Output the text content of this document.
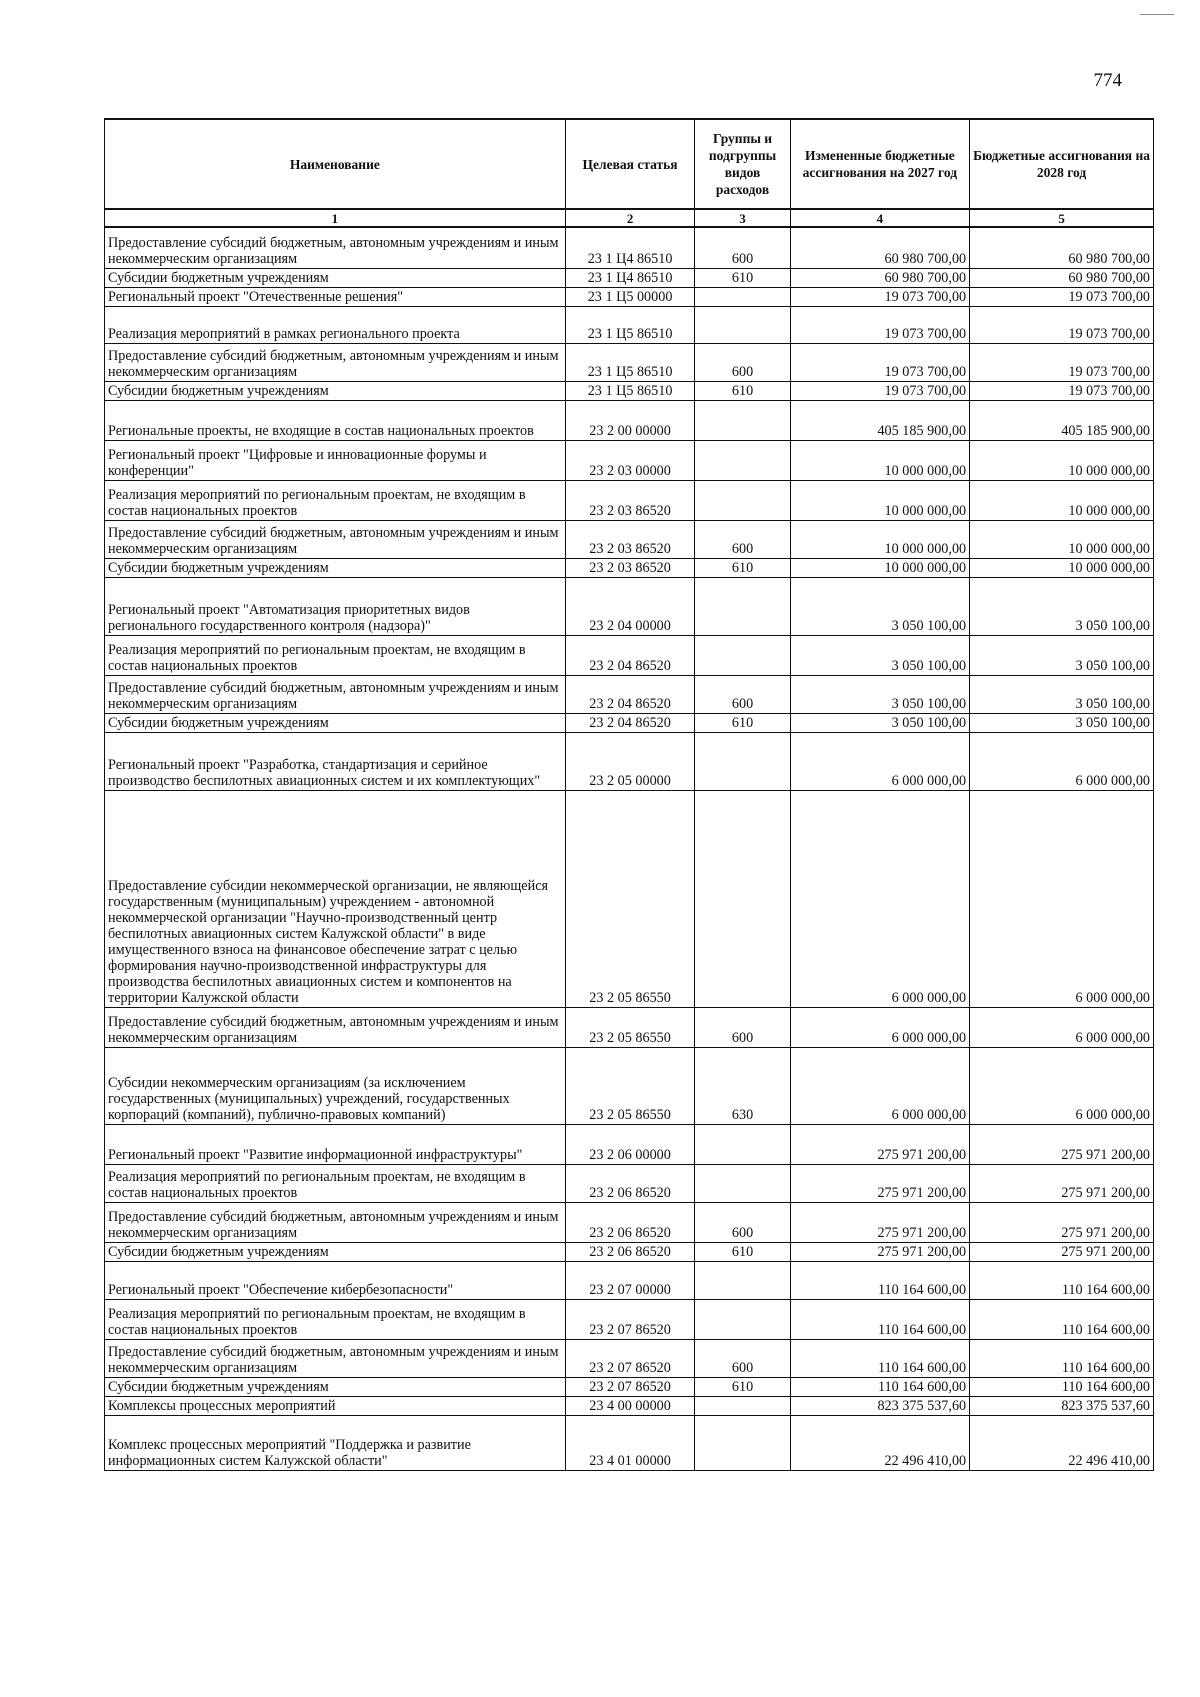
774
Наименование	Целевая статья	Группы и подгруппы видов расходов	Измененные бюджетные ассигнования на 2027 год	Бюджетные ассигнования на 2028 год
1	2	3	4	5
Предоставление субсидий бюджетным, автономным учреждениям и иным некоммерческим организациям	23 1 Ц4 86510	600	60 980 700,00	60 980 700,00
Субсидии бюджетным учреждениям	23 1 Ц4 86510	610	60 980 700,00	60 980 700,00
Региональный проект "Отечественные решения"	23 1 Ц5 00000		19 073 700,00	19 073 700,00
Реализация мероприятий в рамках регионального проекта	23 1 Ц5 86510		19 073 700,00	19 073 700,00
Предоставление субсидий бюджетным, автономным учреждениям и иным некоммерческим организациям	23 1 Ц5 86510	600	19 073 700,00	19 073 700,00
Субсидии бюджетным учреждениям	23 1 Ц5 86510	610	19 073 700,00	19 073 700,00
Региональные проекты, не входящие в состав национальных проектов	23 2 00 00000		405 185 900,00	405 185 900,00
Региональный проект "Цифровые и инновационные форумы и конференции"	23 2 03 00000		10 000 000,00	10 000 000,00
Реализация мероприятий по региональным проектам, не входящим в состав национальных проектов	23 2 03 86520		10 000 000,00	10 000 000,00
Предоставление субсидий бюджетным, автономным учреждениям и иным некоммерческим организациям	23 2 03 86520	600	10 000 000,00	10 000 000,00
Субсидии бюджетным учреждениям	23 2 03 86520	610	10 000 000,00	10 000 000,00
Региональный проект "Автоматизация приоритетных видов регионального государственного контроля (надзора)"	23 2 04 00000		3 050 100,00	3 050 100,00
Реализация мероприятий по региональным проектам, не входящим в состав национальных проектов	23 2 04 86520		3 050 100,00	3 050 100,00
Предоставление субсидий бюджетным, автономным учреждениям и иным некоммерческим организациям	23 2 04 86520	600	3 050 100,00	3 050 100,00
Субсидии бюджетным учреждениям	23 2 04 86520	610	3 050 100,00	3 050 100,00
Региональный проект "Разработка, стандартизация и серийное производство беспилотных авиационных систем и их комплектующих"	23 2 05 00000		6 000 000,00	6 000 000,00
Предоставление субсидии некоммерческой организации, не являющейся государственным (муниципальным) учреждением - автономной некоммерческой организации "Научно-производственный центр беспилотных авиационных систем Калужской области" в виде имущественного взноса на финансовое обеспечение затрат с целью формирования научно-производственной инфраструктуры для производства беспилотных авиационных систем и компонентов на территории Калужской области	23 2 05 86550		6 000 000,00	6 000 000,00
Предоставление субсидий бюджетным, автономным учреждениям и иным некоммерческим организациям	23 2 05 86550	600	6 000 000,00	6 000 000,00
Субсидии некоммерческим организациям (за исключением государственных (муниципальных) учреждений, государственных корпораций (компаний), публично-правовых компаний)	23 2 05 86550	630	6 000 000,00	6 000 000,00
Региональный проект "Развитие информационной инфраструктуры"	23 2 06 00000		275 971 200,00	275 971 200,00
Реализация мероприятий по региональным проектам, не входящим в состав национальных проектов	23 2 06 86520		275 971 200,00	275 971 200,00
Предоставление субсидий бюджетным, автономным учреждениям и иным некоммерческим организациям	23 2 06 86520	600	275 971 200,00	275 971 200,00
Субсидии бюджетным учреждениям	23 2 06 86520	610	275 971 200,00	275 971 200,00
Региональный проект "Обеспечение кибербезопасности"	23 2 07 00000		110 164 600,00	110 164 600,00
Реализация мероприятий по региональным проектам, не входящим в состав национальных проектов	23 2 07 86520		110 164 600,00	110 164 600,00
Предоставление субсидий бюджетным, автономным учреждениям и иным некоммерческим организациям	23 2 07 86520	600	110 164 600,00	110 164 600,00
Субсидии бюджетным учреждениям	23 2 07 86520	610	110 164 600,00	110 164 600,00
Комплексы процессных мероприятий	23 4 00 00000		823 375 537,60	823 375 537,60
Комплекс процессных мероприятий "Поддержка и развитие информационных систем Калужской области"	23 4 01 00000		22 496 410,00	22 496 410,00
